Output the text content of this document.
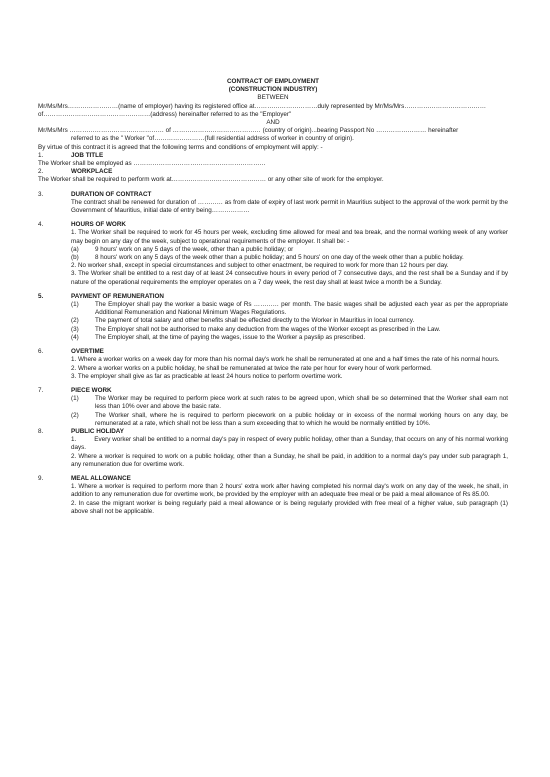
CONTRACT OF EMPLOYMENT

(CONSTRUCTION INDUSTRY)

BETWEEN

Mr/Ms/Mrs……………………(name of employer) having its registered office at…………………………duly represented by Mr/Ms/Mrs…………………………………

of……………………………………………(address) hereinafter referred to as the "Employer"

AND

Mr/Ms/Mrs ……………………………………… of …………………………………… (country of origin)...bearing Passport No …………………… hereinafter

referred to as the " Worker "of……………………(full residential address of worker in country of origin).

By virtue of this contract it is agreed that the following terms and conditions of employment will apply: -

1.	JOB TITLE

The Worker shall be employed as ………………………………………………………

2.	WORKPLACE

The Worker shall be required to perform work at……………………………………… or any other site of work for the employer.

3.	DURATION OF CONTRACT

The contract shall be renewed for duration of ………… as from date of expiry of last work permit in Mauritius subject to the approval of the work permit by the Government of Mauritius, initial date of entry being………………

4.	HOURS OF WORK

1. The Worker shall be required to work for 45 hours per week, excluding time allowed for meal and tea break, and the normal working week of any worker may begin on any day of the week, subject to operational requirements of the employer. It shall be: -

(a)	9 hours' work on any 5 days of the week, other than a public holiday; or
(b)	8 hours' work on any 5 days of the week other than a public holiday; and 5 hours' on one day of the week other than a public holiday.

2. No worker shall, except in special circumstances and subject to other enactment, be required to work for more than 12 hours per day.

3. The Worker shall be entitled to a rest day of at least 24 consecutive hours in every period of 7 consecutive days, and the rest shall be a Sunday and if by nature of the operational requirements the employer operates on a 7 day week, the rest day shall at least twice a month be a Sunday.

5.	PAYMENT OF REMUNERATION
(1)	The Employer shall pay the worker a basic wage of Rs ………… per month. The basic wages shall be adjusted each year as per the appropriate Additional Remuneration and National Minimum Wages Regulations.
(2)	The payment of total salary and other benefits shall be effected directly to the Worker in Mauritius in local currency.
(3)	The Employer shall not be authorised to make any deduction from the wages of the Worker except as prescribed in the Law.
(4)	The Employer shall, at the time of paying the wages, issue to the Worker a payslip as prescribed.
6.	OVERTIME

1. Where a worker works on a week day for more than his normal day's work he shall be remunerated at one and a half times the rate of his normal hours.

2. Where a worker works on a public holiday, he shall be remunerated at twice the rate per hour for every hour of work performed.

3. The employer shall give as far as practicable at least 24 hours notice to perform overtime work.

7.	PIECE WORK
(1)	The Worker may be required to perform piece work at such rates to be agreed upon, which shall be so determined that the Worker shall earn not less than 10% over and above the basic rate.
(2)	The Worker shall, where he is required to perform piecework on a public holiday or in excess of the normal working hours on any day, be remunerated at a rate, which shall not be less than a sum exceeding that to which he would be normally entitled by 10%.
8.	PUBLIC HOLIDAY

1.          Every worker shall be entitled to a normal day's pay in respect of every public holiday, other than a Sunday, that occurs on any of his normal working days.

2. Where a worker is required to work on a public holiday, other than a Sunday, he shall be paid, in addition to a normal day's pay under sub paragraph 1, any remuneration due for overtime work.

9.	MEAL ALLOWANCE

1. Where a worker is required to perform more than 2 hours' extra work after having completed his normal day's work on any day of the week, he shall, in addition to any remuneration due for overtime work, be provided by the employer with an adequate free meal or be paid a meal allowance of Rs 85.00.

2. In case the migrant worker is being regularly paid a meal allowance or is being regularly provided with free meal of a higher value, sub paragraph (1) above shall not be applicable.
